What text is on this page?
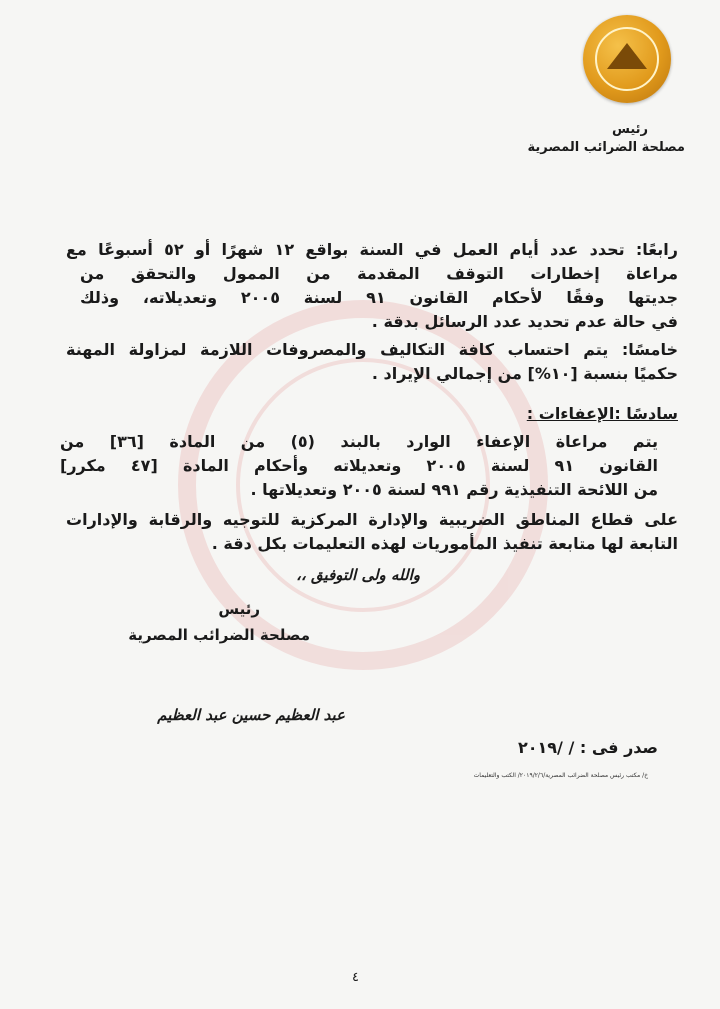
رئيس
مصلحة الضرائب المصرية
رابعًا: تحدد عدد أيام العمل في السنة بواقع ١٢ شهرًا أو ٥٢ أسبوعًا مع
مراعاة إخطارات التوقف المقدمة من الممول والتحقق من
جديتها وفقًا لأحكام القانون ٩١ لسنة ٢٠٠٥ وتعديلاته، وذلك
في حالة عدم تحديد عدد الرسائل بدقة .
خامسًا: يتم احتساب كافة التكاليف والمصروفات اللازمة لمزاولة المهنة
حكميًا بنسبة [١٠%] من إجمالي الإيراد .
سادسًا :الإعفاءات :
يتم مراعاة الإعفاء الوارد بالبند (٥) من المادة [٣٦] من
القانون ٩١ لسنة ٢٠٠٥ وتعديلاته وأحكام المادة [٤٧ مكرر]
من اللائحة التنفيذية رقم ٩٩١ لسنة ٢٠٠٥ وتعديلاتها .
على قطاع المناطق الضريبية والإدارة المركزية للتوجيه والرقابة والإدارات
التابعة لها متابعة تنفيذ المأموريات لهذه التعليمات بكل دقة .
والله ولى التوفيق ،،
رئيس
مصلحة الضرائب المصرية
عبد العظيم حسين عبد العظيم
صدر فى : / /٢٠١٩
خ/ مكتب رئيس مصلحة الضرائب المصرية/٢٠١٩/٢/٦/ الكتب والتعليمات
٤
